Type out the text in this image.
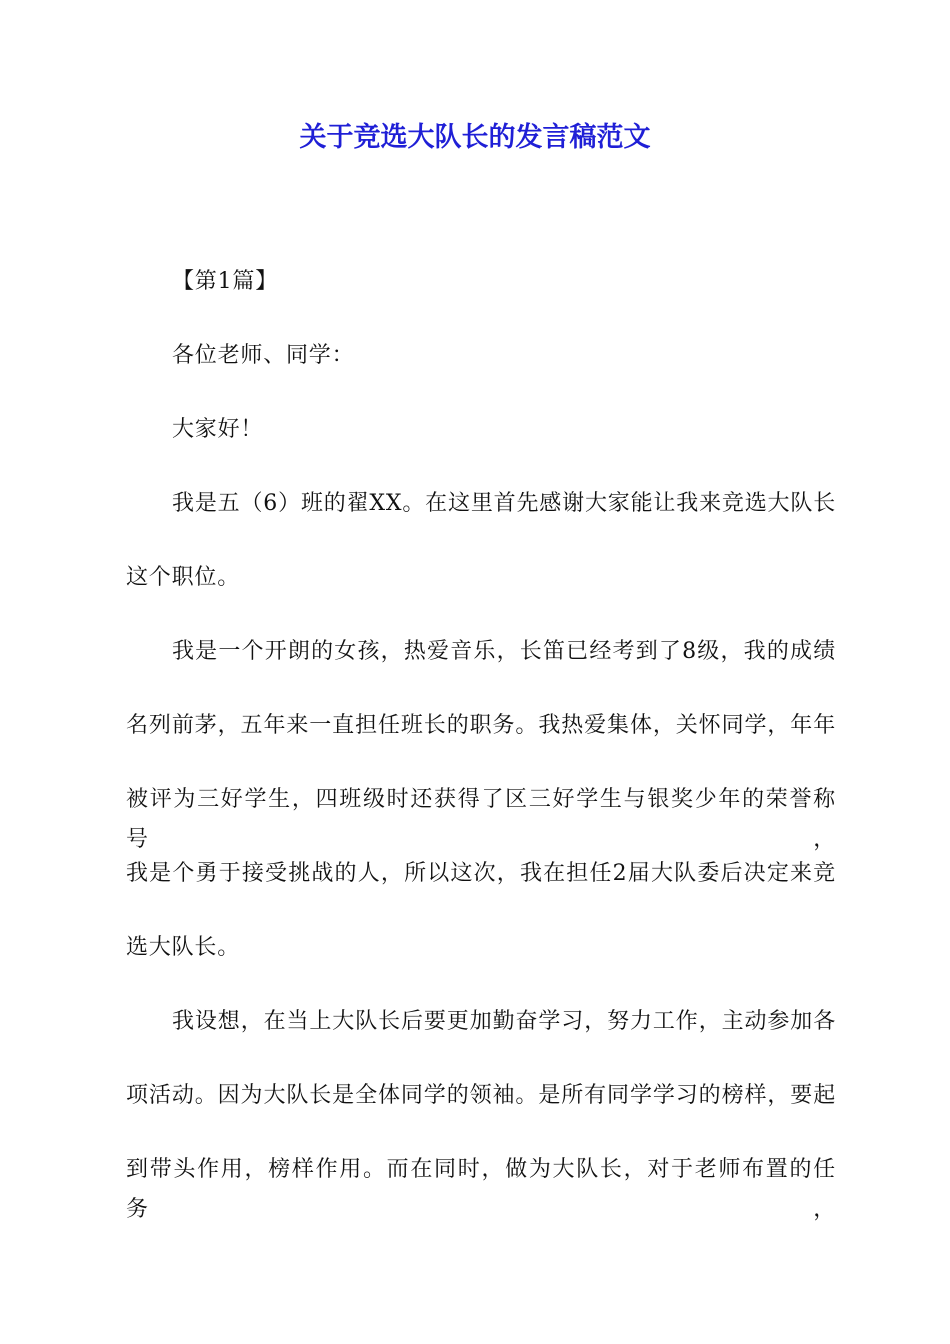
关于竞选大队长的发言稿范文

【第1篇】

各位老师、同学：

大家好！

我是五（6）班的翟XX。在这里首先感谢大家能让我来竞选大队长

这个职位。

我是一个开朗的女孩，热爱音乐，长笛已经考到了8级，我的成绩

名列前茅，五年来一直担任班长的职务。我热爱集体，关怀同学，年年

被评为三好学生，四班级时还获得了区三好学生与银奖少年的荣誉称号，

我是个勇于接受挑战的人，所以这次，我在担任2届大队委后决定来竞

选大队长。

我设想，在当上大队长后要更加勤奋学习，努力工作，主动参加各

项活动。因为大队长是全体同学的领袖。是所有同学学习的榜样，要起

到带头作用，榜样作用。而在同时，做为大队长，对于老师布置的任务，
